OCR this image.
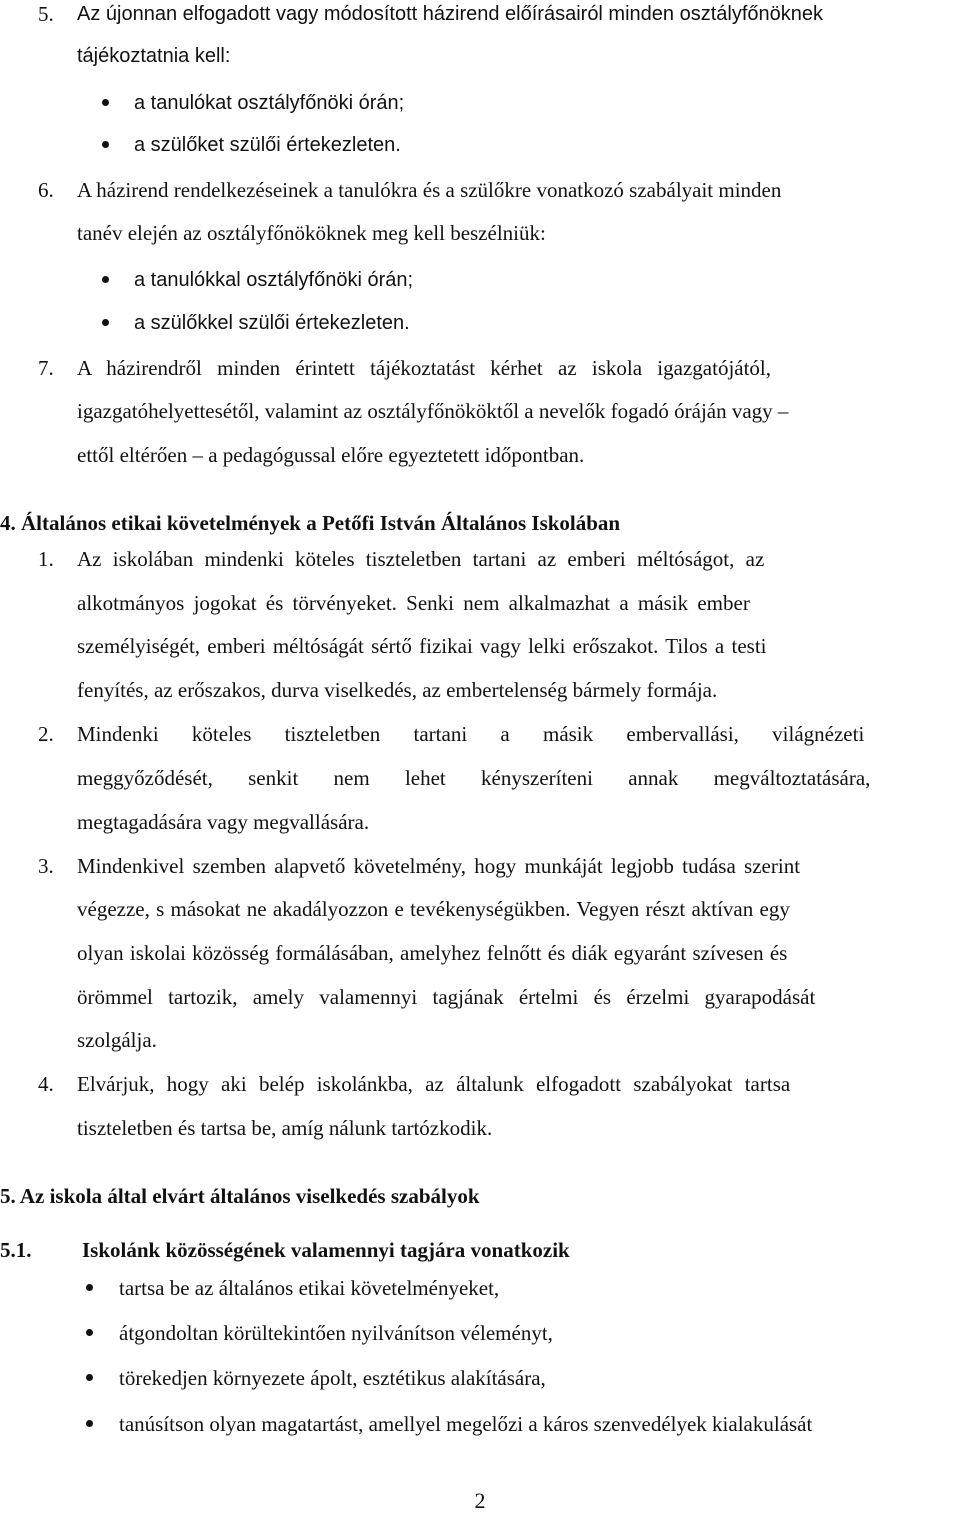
5. Az újonnan elfogadott vagy módosított házirend előírásairól minden osztályfőnöknek
tájékoztatnia kell:
a tanulókat osztályfőnöki órán;
a szülőket szülői értekezleten.
6. A házirend rendelkezéseinek a tanulókra és a szülőkre vonatkozó szabályait minden
tanév elején az osztályfőnököknek meg kell beszélniük:
a tanulókkal osztályfőnöki órán;
a szülőkkel szülői értekezleten.
7. A házirendről minden érintett tájékoztatást kérhet az iskola igazgatójától,
igazgatóhelyettesétől, valamint az osztályfőnököktől a nevelők fogadó óráján vagy –
ettől eltérően – a pedagógussal előre egyeztetett időpontban.
4. Általános etikai követelmények a Petőfi István Általános Iskolában
1. Az iskolában mindenki köteles tiszteletben tartani az emberi méltóságot, az
alkotmányos jogokat és törvényeket. Senki nem alkalmazhat a másik ember
személyiségét, emberi méltóságát sértő fizikai vagy lelki erőszakot. Tilos a testi
fenyítés, az erőszakos, durva viselkedés, az embertelenség bármely formája.
2. Mindenki köteles tiszteletben tartani a másik embervallási, világnézeti
meggyőződését, senkit nem lehet kényszeríteni annak megváltoztatására,
megtagadására vagy megvallására.
3. Mindenkivel szemben alapvető követelmény, hogy munkáját legjobb tudása szerint
végezze, s másokat ne akadályozzon e tevékenységükben. Vegyen részt aktívan egy
olyan iskolai közösség formálásában, amelyhez felnőtt és diák egyaránt szívesen és
örömmel tartozik, amely valamennyi tagjának értelmi és érzelmi gyarapodását
szolgálja.
4. Elvárjuk, hogy aki belép iskolánkba, az általunk elfogadott szabályokat tartsa
tiszteletben és tartsa be, amíg nálunk tartózkodik.
5. Az iskola által elvárt általános viselkedés szabályok
5.1. Iskolánk közösségének valamennyi tagjára vonatkozik
tartsa be az általános etikai követelményeket,
átgondoltan körültekintően nyilvánítson véleményt,
törekedjen környezete ápolt, esztétikus alakítására,
tanúsítson olyan magatartást, amellyel megelőzi a káros szenvedélyek kialakulását
2
